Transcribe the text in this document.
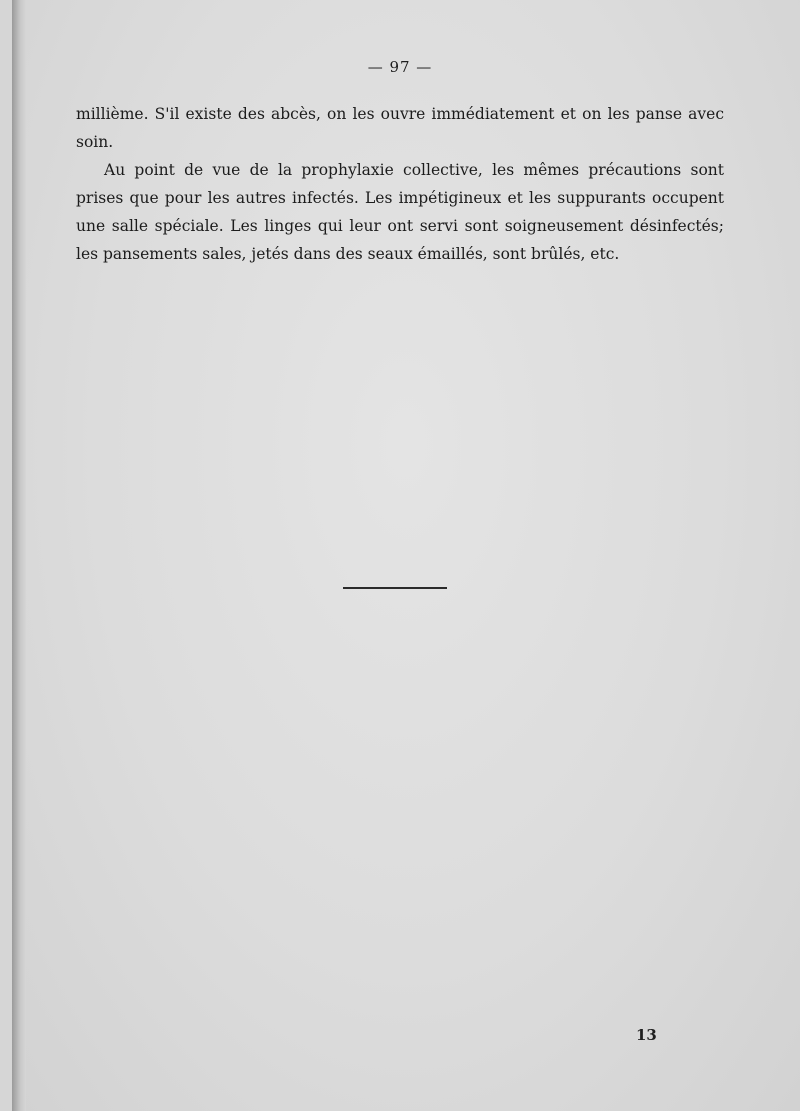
— 97 —

millième. S'il existe des abcès, on les ouvre immédiatement et on les panse avec soin.

Au point de vue de la prophylaxie collective, les mêmes précautions sont prises que pour les autres infectés. Les impétigineux et les suppurants occupent une salle spéciale. Les linges qui leur ont servi sont soigneusement désinfectés; les pansements sales, jetés dans des seaux émaillés, sont brûlés, etc.

13
